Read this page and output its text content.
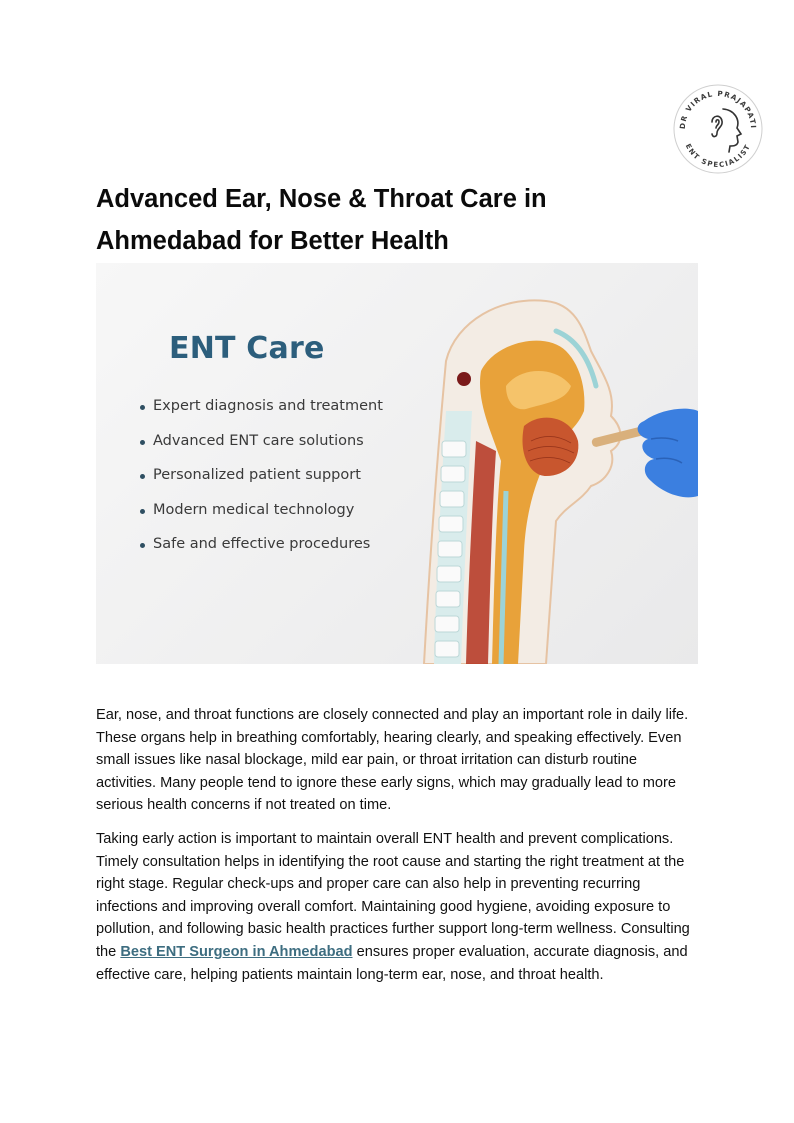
DR VIRAL PRAJAPATI
ENT SPECIALIST
Advanced Ear, Nose & Throat Care in Ahmedabad for Better Health
ENT Care
Expert diagnosis and treatment
Advanced ENT care solutions
Personalized patient support
Modern medical technology
Safe and effective procedures

Ear, nose, and throat functions are closely connected and play an important role in daily life. These organs help in breathing comfortably, hearing clearly, and speaking effectively. Even small issues like nasal blockage, mild ear pain, or throat irritation can disturb routine activities. Many people tend to ignore these early signs, which may gradually lead to more serious health concerns if not treated on time.

Taking early action is important to maintain overall ENT health and prevent complications. Timely consultation helps in identifying the root cause and starting the right treatment at the right stage. Regular check-ups and proper care can also help in preventing recurring infections and improving overall comfort. Maintaining good hygiene, avoiding exposure to pollution, and following basic health practices further support long-term wellness. Consulting the Best ENT Surgeon in Ahmedabad ensures proper evaluation, accurate diagnosis, and effective care, helping patients maintain long-term ear, nose, and throat health.
